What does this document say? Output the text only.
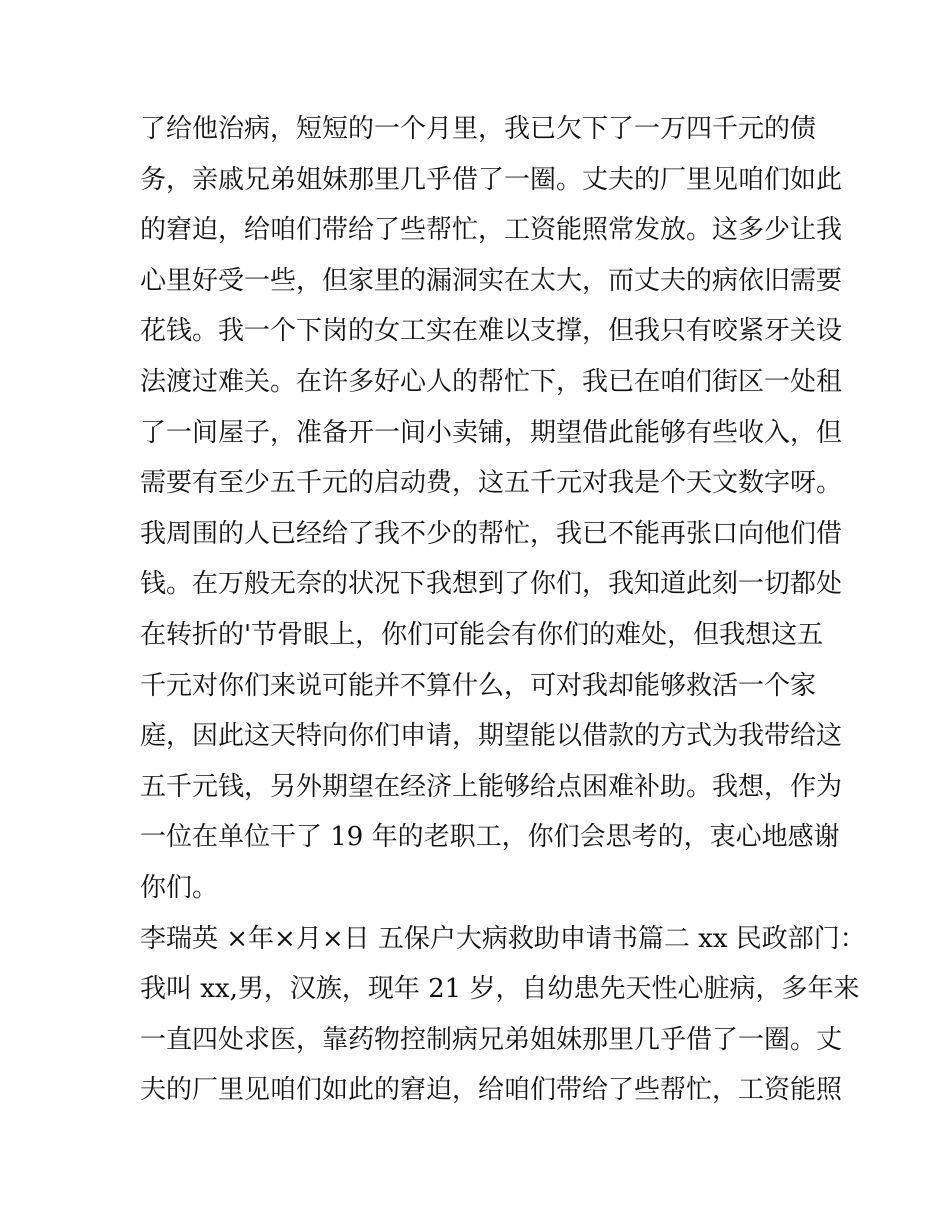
了给他治病，短短的一个月里，我已欠下了一万四千元的债
务，亲戚兄弟姐妹那里几乎借了一圈。丈夫的厂里见咱们如此
的窘迫，给咱们带给了些帮忙，工资能照常发放。这多少让我
心里好受一些，但家里的漏洞实在太大，而丈夫的病依旧需要
花钱。我一个下岗的女工实在难以支撑，但我只有咬紧牙关设
法渡过难关。在许多好心人的帮忙下，我已在咱们街区一处租
了一间屋子，准备开一间小卖铺，期望借此能够有些收入，但
需要有至少五千元的启动费，这五千元对我是个天文数字呀。
我周围的人已经给了我不少的帮忙，我已不能再张口向他们借
钱。在万般无奈的状况下我想到了你们，我知道此刻一切都处
在转折的'节骨眼上，你们可能会有你们的难处，但我想这五
千元对你们来说可能并不算什么，可对我却能够救活一个家
庭，因此这天特向你们申请，期望能以借款的方式为我带给这
五千元钱，另外期望在经济上能够给点困难补助。我想，作为
一位在单位干了 19 年的老职工，你们会思考的，衷心地感谢
你们。
李瑞英 ×年×月×日 五保户大病救助申请书篇二 xx 民政部门：
我叫 xx,男，汉族，现年 21 岁，自幼患先天性心脏病，多年来
一直四处求医，靠药物控制病兄弟姐妹那里几乎借了一圈。丈
夫的厂里见咱们如此的窘迫，给咱们带给了些帮忙，工资能照
